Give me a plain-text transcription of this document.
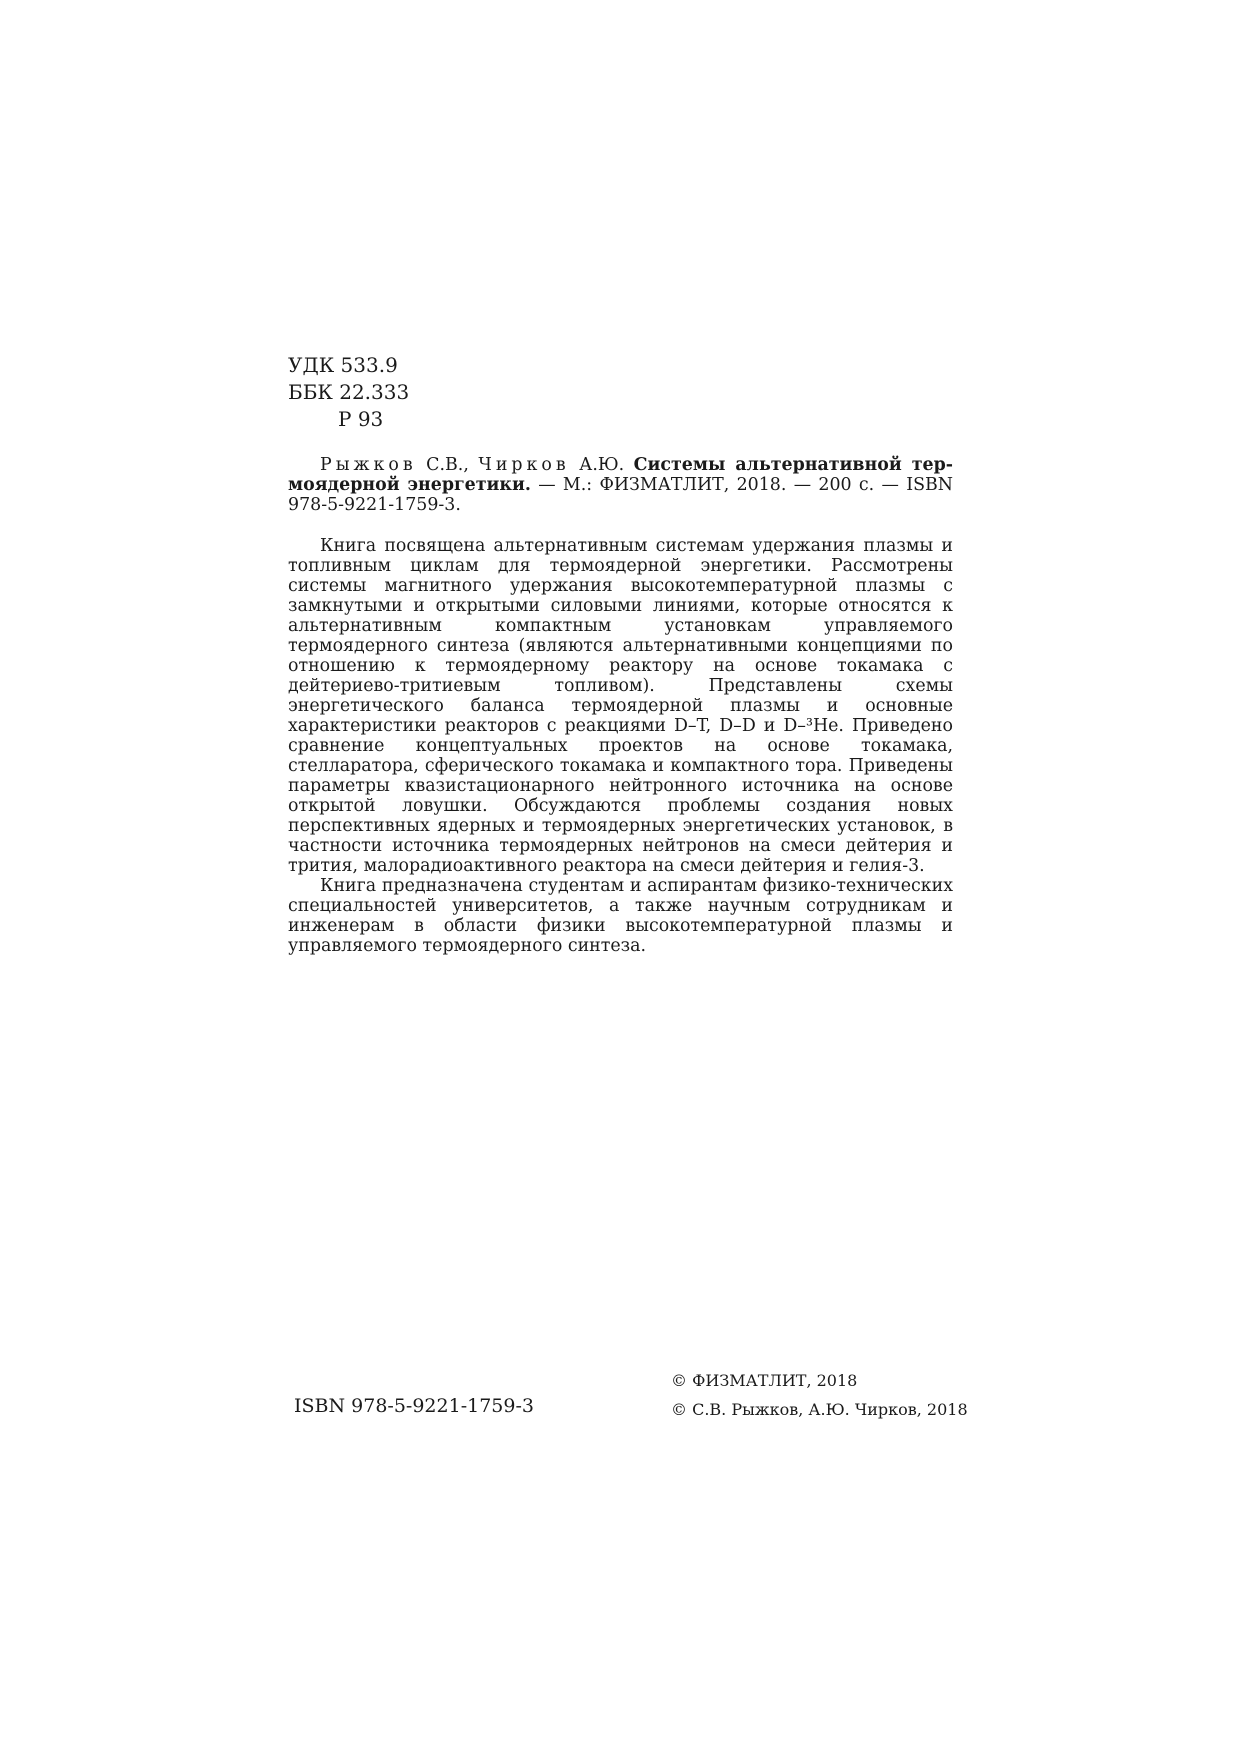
УДК 533.9
ББК 22.333
Р 93

Рыжков С.В., Чирков А.Ю. Системы альтернативной термоядерной энергетики. — М.: ФИЗМАТЛИТ, 2018. — 200 с. — ISBN 978-5-9221-1759-3.

Книга посвящена альтернативным системам удержания плазмы и топливным циклам для термоядерной энергетики. Рассмотрены системы магнитного удержания высокотемпературной плазмы с замкнутыми и открытыми силовыми линиями, которые относятся к альтернативным компактным установкам управляемого термоядерного синтеза (являются альтернативными концепциями по отношению к термоядерному реактору на основе токамака с дейтериево-тритиевым топливом). Представлены схемы энергетического баланса термоядерной плазмы и основные характеристики реакторов с реакциями D–T, D–D и D–³He. Приведено сравнение концептуальных проектов на основе токамака, стелларатора, сферического токамака и компактного тора. Приведены параметры квазистационарного нейтронного источника на основе открытой ловушки. Обсуждаются проблемы создания новых перспективных ядерных и термоядерных энергетических установок, в частности источника термоядерных нейтронов на смеси дейтерия и трития, малорадиоактивного реактора на смеси дейтерия и гелия-3.

Книга предназначена студентам и аспирантам физико-технических специальностей университетов, а также научным сотрудникам и инженерам в области физики высокотемпературной плазмы и управляемого термоядерного синтеза.

ISBN 978-5-9221-1759-3
© ФИЗМАТЛИТ, 2018
© С.В. Рыжков, А.Ю. Чирков, 2018
